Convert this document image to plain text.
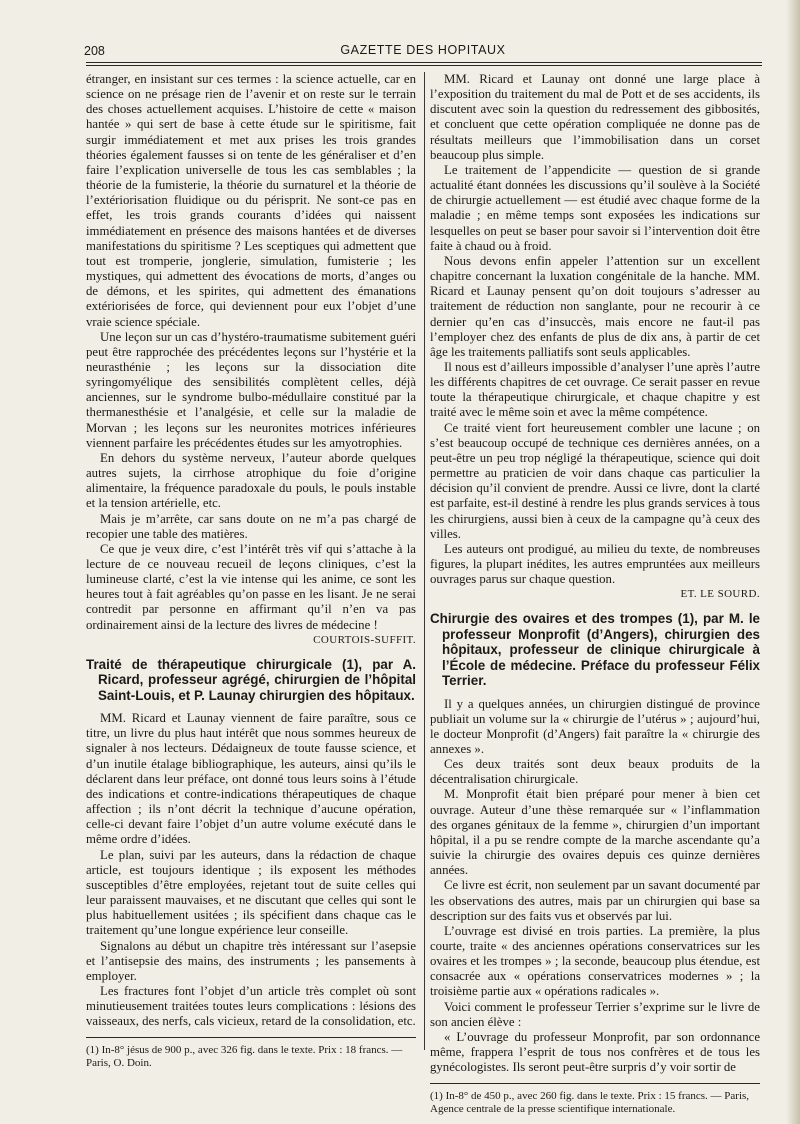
208	GAZETTE DES HOPITAUX

étranger, en insistant sur ces termes : la science actuelle, car en science on ne présage rien de l’avenir et on reste sur le terrain des choses actuellement acquises. L’histoire de cette « maison hantée » qui sert de base à cette étude sur le spiritisme, fait surgir immédiatement et met aux prises les trois grandes théories également fausses si on tente de les généraliser et d’en faire l’explication universelle de tous les cas semblables ; la théorie de la fumisterie, la théorie du surnaturel et la théorie de l’extériorisation fluidique ou du périsprit. Ne sont-ce pas en effet, les trois grands courants d’idées qui naissent immédiatement en présence des maisons hantées et de diverses manifestations du spiritisme ? Les sceptiques qui admettent que tout est tromperie, jonglerie, simulation, fumisterie ; les mystiques, qui admettent des évocations de morts, d’anges ou de démons, et les spirites, qui admettent des émanations extériorisées de force, qui deviennent pour eux l’objet d’une vraie science spéciale.

Une leçon sur un cas d’hystéro-traumatisme subitement guéri peut être rapprochée des précédentes leçons sur l’hystérie et la neurasthénie ; les leçons sur la dissociation dite syringomyélique des sensibilités complètent celles, déjà anciennes, sur le syndrome bulbo-médullaire constitué par la thermanesthésie et l’analgésie, et celle sur la maladie de Morvan ; les leçons sur les neuronites motrices inférieures viennent parfaire les précédentes études sur les amyotrophies.

En dehors du système nerveux, l’auteur aborde quelques autres sujets, la cirrhose atrophique du foie d’origine alimentaire, la fréquence paradoxale du pouls, le pouls instable et la tension artérielle, etc.

Mais je m’arrête, car sans doute on ne m’a pas chargé de recopier une table des matières.

Ce que je veux dire, c’est l’intérêt très vif qui s’attache à la lecture de ce nouveau recueil de leçons cliniques, c’est la lumineuse clarté, c’est la vie intense qui les anime, ce sont les heures tout à fait agréables qu’on passe en les lisant. Je ne serai contredit par personne en affirmant qu’il n’en va pas ordinairement ainsi de la lecture des livres de médecine !

COURTOIS-SUFFIT.

Traité de thérapeutique chirurgicale (1), par A. Ricard, professeur agrégé, chirurgien de l’hôpital Saint-Louis, et P. Launay chirurgien des hôpitaux.

MM. Ricard et Launay viennent de faire paraître, sous ce titre, un livre du plus haut intérêt que nous sommes heureux de signaler à nos lecteurs. Dédaigneux de toute fausse science, et d’un inutile étalage bibliographique, les auteurs, ainsi qu’ils le déclarent dans leur préface, ont donné tous leurs soins à l’étude des indications et contre-indications thérapeutiques de chaque affection ; ils n’ont décrit la technique d’aucune opération, celle-ci devant faire l’objet d’un autre volume exécuté dans le même ordre d’idées.

Le plan, suivi par les auteurs, dans la rédaction de chaque article, est toujours identique ; ils exposent les méthodes susceptibles d’être employées, rejetant tout de suite celles qui leur paraissent mauvaises, et ne discutant que celles qui sont le plus habituellement usitées ; ils spécifient dans chaque cas le traitement qu’une longue expérience leur conseille.

Signalons au début un chapitre très intéressant sur l’asepsie et l’antisepsie des mains, des instruments ; les pansements à employer.

Les fractures font l’objet d’un article très complet où sont minutieusement traitées toutes leurs complications : lésions des vaisseaux, des nerfs, cals vicieux, retard de la consolidation, etc.

(1) In-8° jésus de 900 p., avec 326 fig. dans le texte. Prix : 18 francs. — Paris, O. Doin.

MM. Ricard et Launay ont donné une large place à l’exposition du traitement du mal de Pott et de ses accidents, ils discutent avec soin la question du redressement des gibbosités, et concluent que cette opération compliquée ne donne pas de résultats meilleurs que l’immobilisation dans un corset beaucoup plus simple.

Le traitement de l’appendicite — question de si grande actualité étant données les discussions qu’il soulève à la Société de chirurgie actuellement — est étudié avec chaque forme de la maladie ; en même temps sont exposées les indications sur lesquelles on peut se baser pour savoir si l’intervention doit être faite à chaud ou à froid.

Nous devons enfin appeler l’attention sur un excellent chapitre concernant la luxation congénitale de la hanche. MM. Ricard et Launay pensent qu’on doit toujours s’adresser au traitement de réduction non sanglante, pour ne recourir à ce dernier qu’en cas d’insuccès, mais encore ne faut-il pas l’employer chez des enfants de plus de dix ans, à partir de cet âge les traitements palliatifs sont seuls applicables.

Il nous est d’ailleurs impossible d’analyser l’une après l’autre les différents chapitres de cet ouvrage. Ce serait passer en revue toute la thérapeutique chirurgicale, et chaque chapitre y est traité avec le même soin et avec la même compétence.

Ce traité vient fort heureusement combler une lacune ; on s’est beaucoup occupé de technique ces dernières années, on a peut-être un peu trop négligé la thérapeutique, science qui doit permettre au praticien de voir dans chaque cas particulier la décision qu’il convient de prendre. Aussi ce livre, dont la clarté est parfaite, est-il destiné à rendre les plus grands services à tous les chirurgiens, aussi bien à ceux de la campagne qu’à ceux des villes.

Les auteurs ont prodigué, au milieu du texte, de nombreuses figures, la plupart inédites, les autres empruntées aux meilleurs ouvrages parus sur chaque question.

ET. LE SOURD.

Chirurgie des ovaires et des trompes (1), par M. le professeur Monprofit (d’Angers), chirurgien des hôpitaux, professeur de clinique chirurgicale à l’École de médecine. Préface du professeur Félix Terrier.

Il y a quelques années, un chirurgien distingué de province publiait un volume sur la « chirurgie de l’utérus » ; aujourd’hui, le docteur Monprofit (d’Angers) fait paraître la « chirurgie des annexes ».

Ces deux traités sont deux beaux produits de la décentralisation chirurgicale.

M. Monprofit était bien préparé pour mener à bien cet ouvrage. Auteur d’une thèse remarquée sur « l’inflammation des organes génitaux de la femme », chirurgien d’un important hôpital, il a pu se rendre compte de la marche ascendante qu’a suivie la chirurgie des ovaires depuis ces quinze dernières années.

Ce livre est écrit, non seulement par un savant documenté par les observations des autres, mais par un chirurgien qui base sa description sur des faits vus et observés par lui.

L’ouvrage est divisé en trois parties. La première, la plus courte, traite « des anciennes opérations conservatrices sur les ovaires et les trompes » ; la seconde, beaucoup plus étendue, est consacrée aux « opérations conservatrices modernes » ; la troisième partie aux « opérations radicales ».

Voici comment le professeur Terrier s’exprime sur le livre de son ancien élève :

« L’ouvrage du professeur Monprofit, par son ordonnance même, frappera l’esprit de tous nos confrères et de tous les gynécologistes. Ils seront peut-être surpris d’y voir sortir de

(1) In-8° de 450 p., avec 260 fig. dans le texte. Prix : 15 francs. — Paris, Agence centrale de la presse scientifique internationale.
